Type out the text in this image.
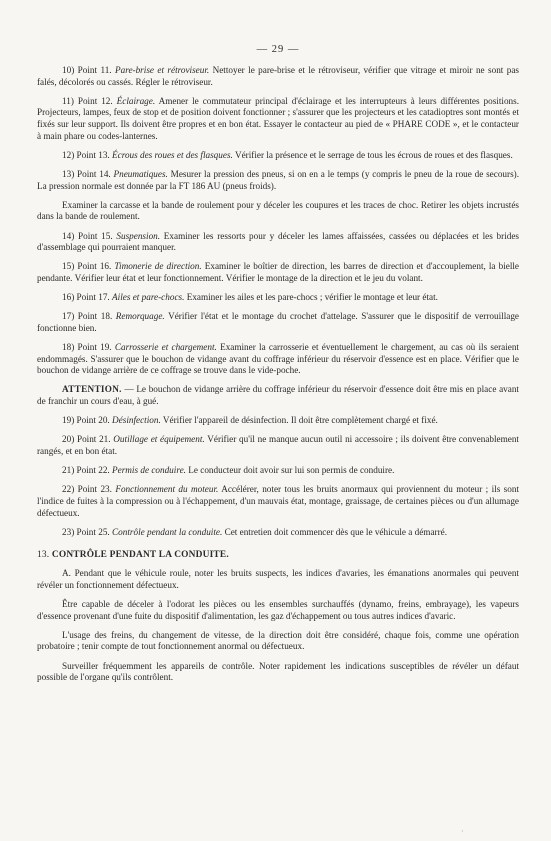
— 29 —

10) Point 11. Pare-brise et rétroviseur. Nettoyer le pare-brise et le rétroviseur, vérifier que vitrage et miroir ne sont pas falés, décolorés ou cassés. Régler le rétroviseur.

11) Point 12. Éclairage. Amener le commutateur principal d'éclairage et les interrupteurs à leurs différentes positions. Projecteurs, lampes, feux de stop et de position doivent fonctionner ; s'assurer que les projecteurs et les catadioptres sont montés et fixés sur leur support. Ils doivent être propres et en bon état. Essayer le contacteur au pied de « PHARE CODE », et le contacteur à main phare ou codes-lanternes.

12) Point 13. Écrous des roues et des flasques. Vérifier la présence et le serrage de tous les écrous de roues et des flasques.

13) Point 14. Pneumatiques. Mesurer la pression des pneus, si on en a le temps (y compris le pneu de la roue de secours). La pression normale est donnée par la FT 186 AU (pneus froids).

Examiner la carcasse et la bande de roulement pour y déceler les coupures et les traces de choc. Retirer les objets incrustés dans la bande de roulement.

14) Point 15. Suspension. Examiner les ressorts pour y déceler les lames affaissées, cassées ou déplacées et les brides d'assemblage qui pourraient manquer.

15) Point 16. Timonerie de direction. Examiner le boîtier de direction, les barres de direction et d'accouplement, la bielle pendante. Vérifier leur état et leur fonctionnement. Vérifier le montage de la direction et le jeu du volant.

16) Point 17. Ailes et pare-chocs. Examiner les ailes et les pare-chocs ; vérifier le montage et leur état.

17) Point 18. Remorquage. Vérifier l'état et le montage du crochet d'attelage. S'assurer que le dispositif de verrouillage fonctionne bien.

18) Point 19. Carrosserie et chargement. Examiner la carrosserie et éventuellement le chargement, au cas où ils seraient endommagés. S'assurer que le bouchon de vidange avant du coffrage inférieur du réservoir d'essence est en place. Vérifier que le bouchon de vidange arrière de ce coffrage se trouve dans le vide-poche.

ATTENTION. — Le bouchon de vidange arrière du coffrage inférieur du réservoir d'essence doit être mis en place avant de franchir un cours d'eau, à gué.

19) Point 20. Désinfection. Vérifier l'appareil de désinfection. Il doit être complètement chargé et fixé.

20) Point 21. Outillage et équipement. Vérifier qu'il ne manque aucun outil ni accessoire ; ils doivent être convenablement rangés, et en bon état.

21) Point 22. Permis de conduire. Le conducteur doit avoir sur lui son permis de conduire.

22) Point 23. Fonctionnement du moteur. Accélérer, noter tous les bruits anormaux qui proviennent du moteur ; ils sont l'indice de fuites à la compression ou à l'échappement, d'un mauvais état, montage, graissage, de certaines pièces ou d'un allumage défectueux.

23) Point 25. Contrôle pendant la conduite. Cet entretien doit commencer dès que le véhicule a démarré.

13. CONTRÔLE PENDANT LA CONDUITE.

A. Pendant que le véhicule roule, noter les bruits suspects, les indices d'avaries, les émanations anormales qui peuvent révéler un fonctionnement défectueux.

Être capable de déceler à l'odorat les pièces ou les ensembles surchauffés (dynamo, freins, embrayage), les vapeurs d'essence provenant d'une fuite du dispositif d'alimentation, les gaz d'échappement ou tous autres indices d'avaric.

L'usage des freins, du changement de vitesse, de la direction doit être considéré, chaque fois, comme une opération probatoire ; tenir compte de tout fonctionnement anormal ou défectueux.

Surveiller fréquemment les appareils de contrôle. Noter rapidement les indications susceptibles de révéler un défaut possible de l'organe qu'ils contrôlent.

·
